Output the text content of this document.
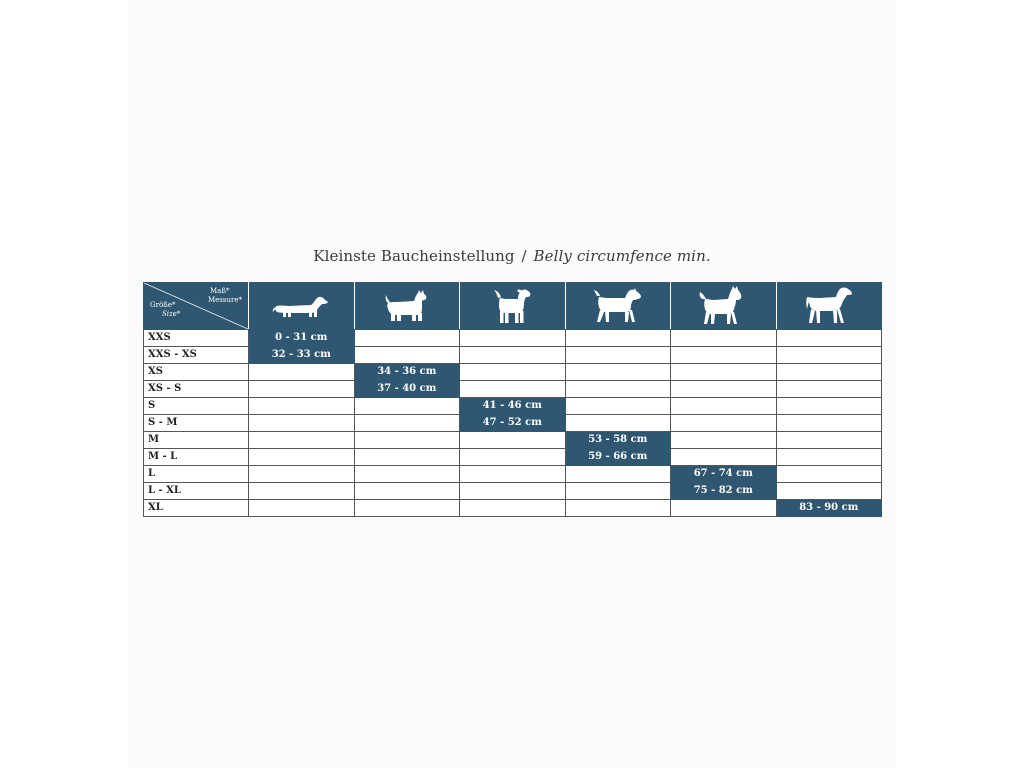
Kleinste Baucheinstellung / Belly circumfence min.
Maß*
Messure*
Größe*
Size*

XXS	0 - 31 cm					
XXS - XS	32 - 33 cm					
XS		34 - 36 cm				
XS - S		37 - 40 cm				
S			41 - 46 cm			
S - M			47 - 52 cm			
M				53 - 58 cm		
M - L				59 - 66 cm		
L					67 - 74 cm	
L - XL					75 - 82 cm	
XL						83 - 90 cm
